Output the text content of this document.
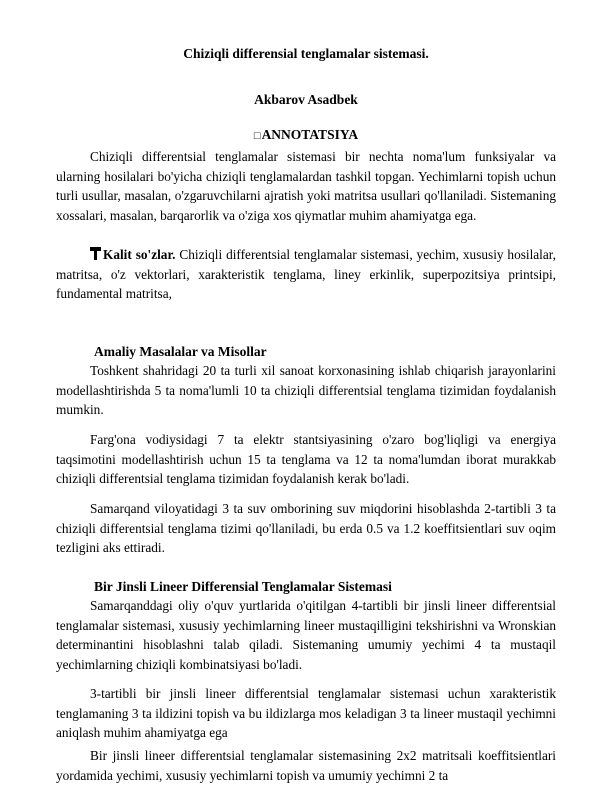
Chiziqli differensial tenglamalar sistemasi.
Akbarov Asadbek
□ANNOTATSIYA

Chiziqli differentsial tenglamalar sistemasi bir nechta noma'lum funksiyalar va ularning hosilalari bo'yicha chiziqli tenglamalardan tashkil topgan. Yechimlarni topish uchun turli usullar, masalan, o'zgaruvchilarni ajratish yoki matritsa usullari qo'llaniladi. Sistemaning xossalari, masalan, barqarorlik va o'ziga xos qiymatlar muhim ahamiyatga ega.

Kalit so'zlar. Chiziqli differentsial tenglamalar sistemasi, yechim, xususiy hosilalar, matritsa, o'z vektorlari, xarakteristik tenglama, liney erkinlik, superpozitsiya printsipi, fundamental matritsa,

Amaliy Masalalar va Misollar

Toshkent shahridagi 20 ta turli xil sanoat korxonasining ishlab chiqarish jarayonlarini modellashtirishda 5 ta noma'lumli 10 ta chiziqli differentsial tenglama tizimidan foydalanish mumkin.

Farg'ona vodiysidagi 7 ta elektr stantsiyasining o'zaro bog'liqligi va energiya taqsimotini modellashtirish uchun 15 ta tenglama va 12 ta noma'lumdan iborat murakkab chiziqli differentsial tenglama tizimidan foydalanish kerak bo'ladi.

Samarqand viloyatidagi 3 ta suv omborining suv miqdorini hisoblashda 2-tartibli 3 ta chiziqli differentsial tenglama tizimi qo'llaniladi, bu erda 0.5 va 1.2 koeffitsientlari suv oqim tezligini aks ettiradi.

Bir Jinsli Lineer Differensial Tenglamalar Sistemasi

Samarqanddagi oliy o'quv yurtlarida o'qitilgan 4-tartibli bir jinsli lineer differentsial tenglamalar sistemasi, xususiy yechimlarning lineer mustaqilligini tekshirishni va Wronskian determinantini hisoblashni talab qiladi. Sistemaning umumiy yechimi 4 ta mustaqil yechimlarning chiziqli kombinatsiyasi bo'ladi.

3-tartibli bir jinsli lineer differentsial tenglamalar sistemasi uchun xarakteristik tenglamaning 3 ta ildizini topish va bu ildizlarga mos keladigan 3 ta lineer mustaqil yechimni aniqlash muhim ahamiyatga ega

Bir jinsli lineer differentsial tenglamalar sistemasining 2x2 matritsali koeffitsientlari yordamida yechimi, xususiy yechimlarni topish va umumiy yechimni 2 ta
